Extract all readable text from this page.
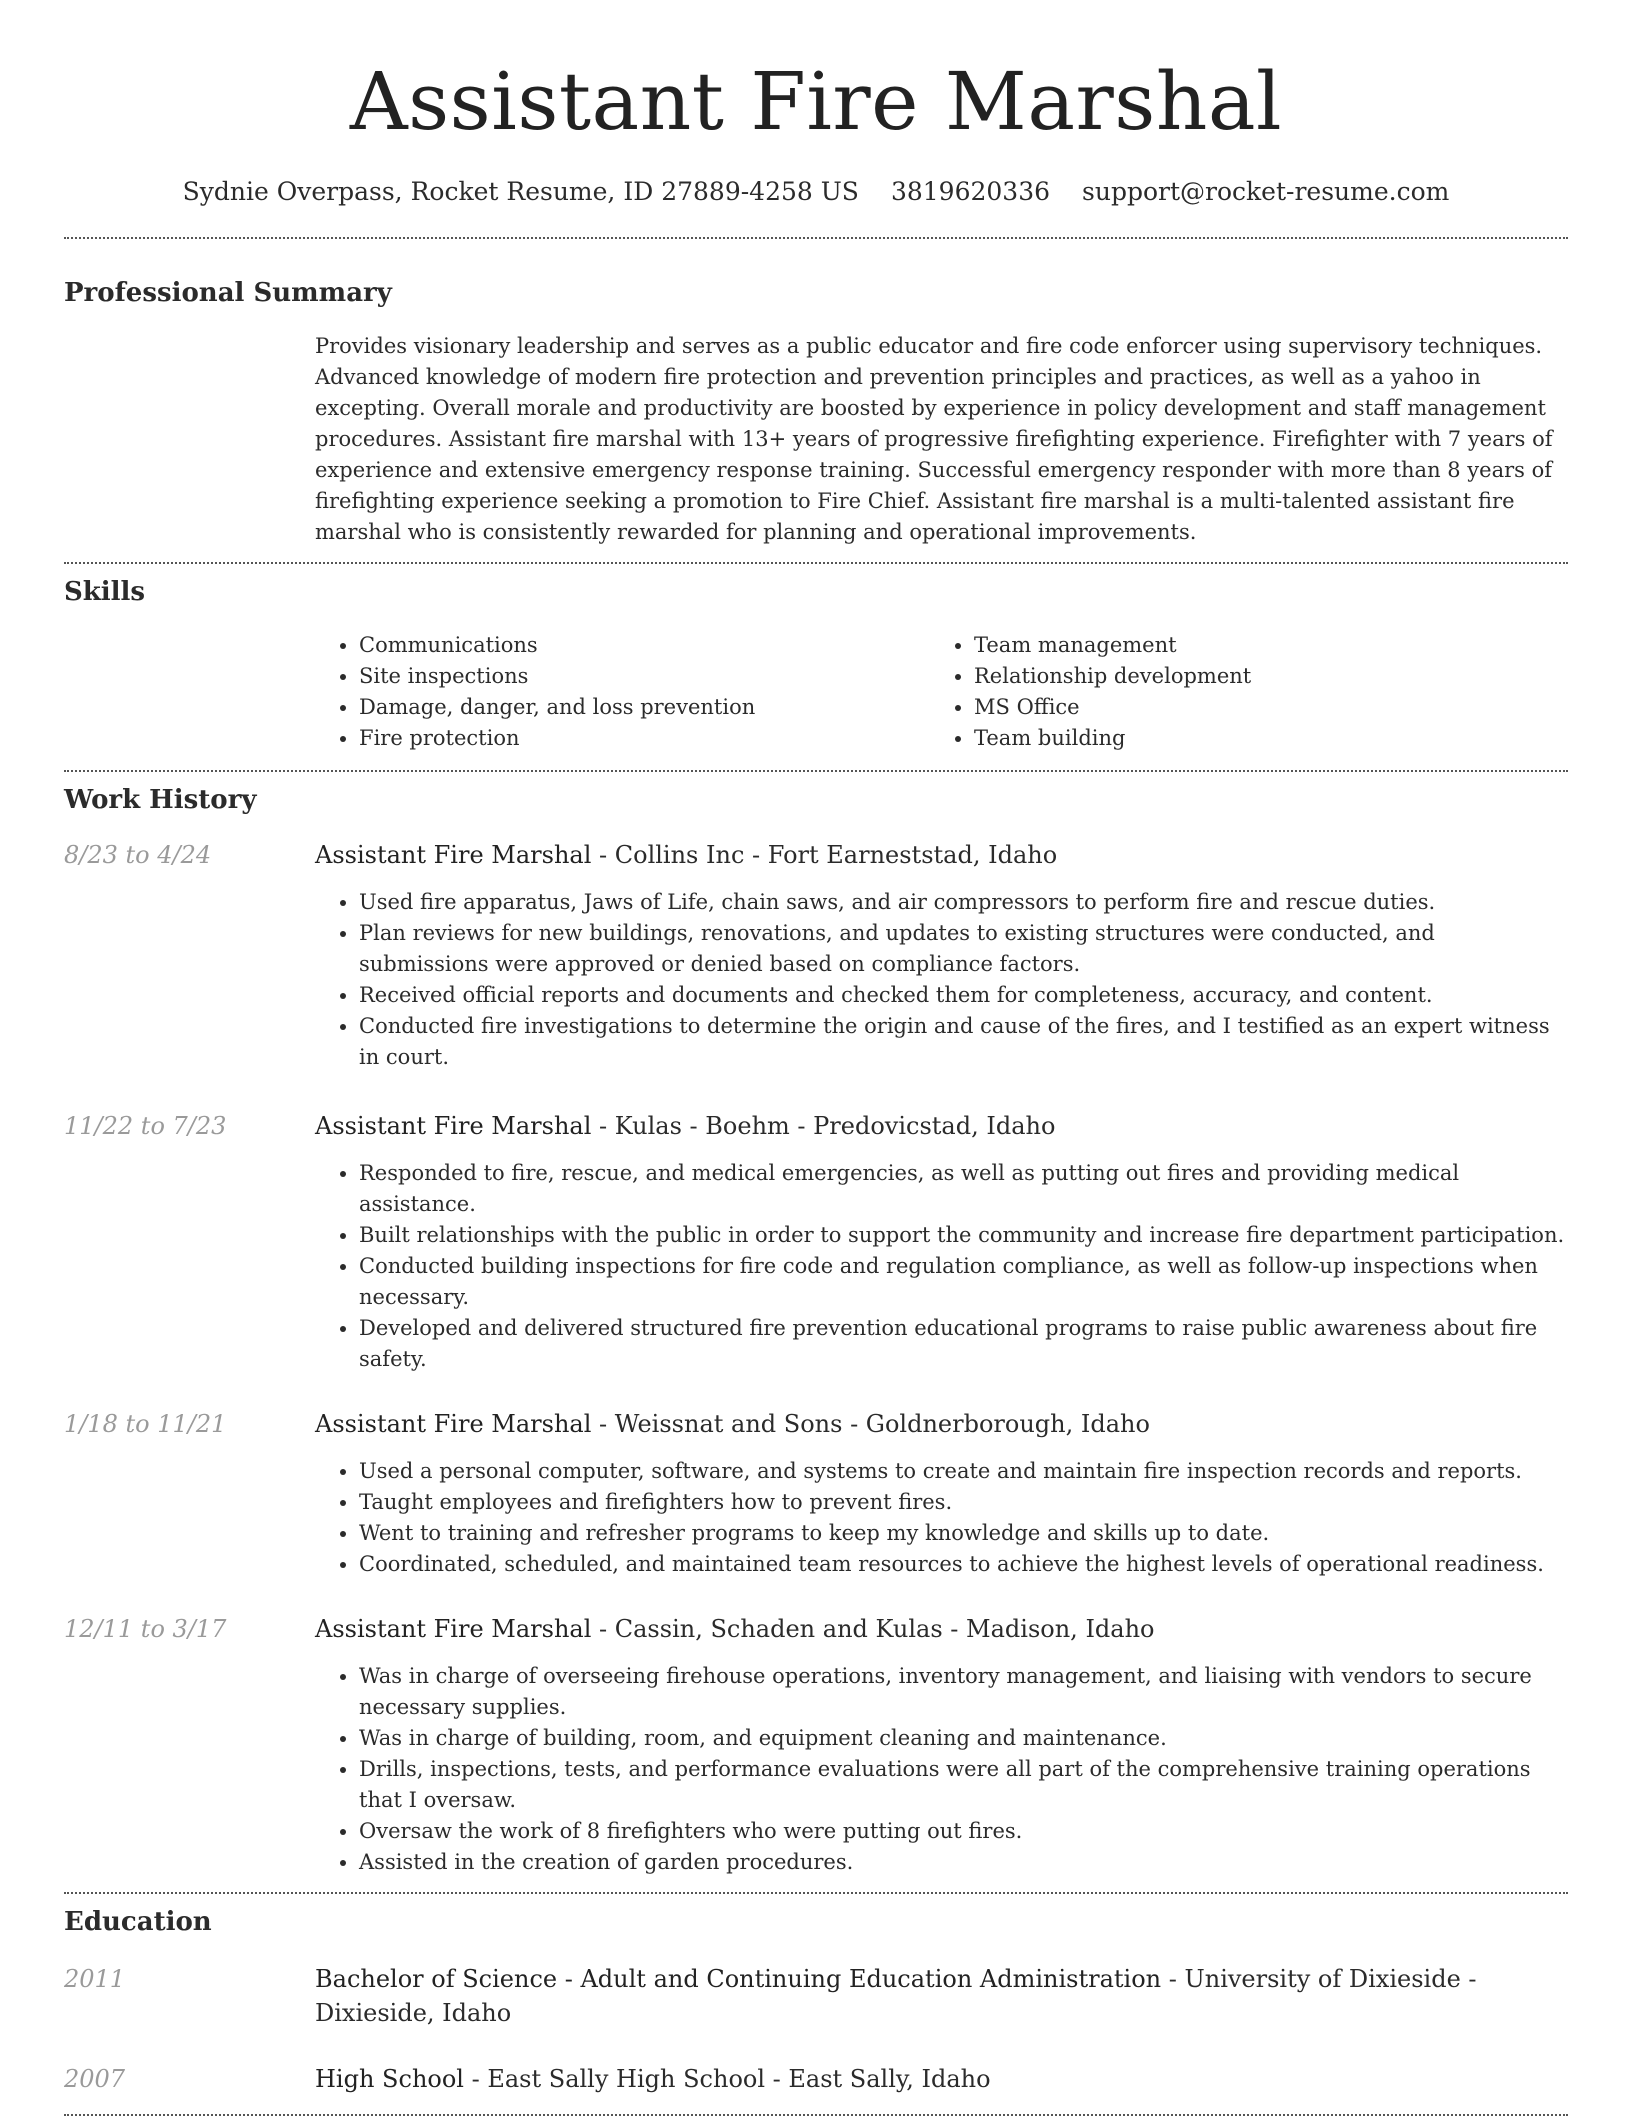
Assistant Fire Marshal
Sydnie Overpass, Rocket Resume, ID 27889-4258 US 3819620336 support@rocket-resume.com
Professional Summary

Provides visionary leadership and serves as a public educator and fire code enforcer using supervisory techniques. Advanced knowledge of modern fire protection and prevention principles and practices, as well as a yahoo in excepting. Overall morale and productivity are boosted by experience in policy development and staff management procedures. Assistant fire marshal with 13+ years of progressive firefighting experience. Firefighter with 7 years of experience and extensive emergency response training. Successful emergency responder with more than 8 years of firefighting experience seeking a promotion to Fire Chief. Assistant fire marshal is a multi-talented assistant fire marshal who is consistently rewarded for planning and operational improvements.

Skills
• Communications
• Site inspections
• Damage, danger, and loss prevention
• Fire protection
• Team management
• Relationship development
• MS Office
• Team building
Work History
8/23 to 4/24	Assistant Fire Marshal - Collins Inc - Fort Earneststad, Idaho
• Used fire apparatus, Jaws of Life, chain saws, and air compressors to perform fire and rescue duties.
• Plan reviews for new buildings, renovations, and updates to existing structures were conducted, and submissions were approved or denied based on compliance factors.
• Received official reports and documents and checked them for completeness, accuracy, and content.
• Conducted fire investigations to determine the origin and cause of the fires, and I testified as an expert witness in court.
11/22 to 7/23	Assistant Fire Marshal - Kulas - Boehm - Predovicstad, Idaho
• Responded to fire, rescue, and medical emergencies, as well as putting out fires and providing medical assistance.
• Built relationships with the public in order to support the community and increase fire department participation.
• Conducted building inspections for fire code and regulation compliance, as well as follow-up inspections when necessary.
• Developed and delivered structured fire prevention educational programs to raise public awareness about fire safety.
1/18 to 11/21	Assistant Fire Marshal - Weissnat and Sons - Goldnerborough, Idaho
• Used a personal computer, software, and systems to create and maintain fire inspection records and reports.
• Taught employees and firefighters how to prevent fires.
• Went to training and refresher programs to keep my knowledge and skills up to date.
• Coordinated, scheduled, and maintained team resources to achieve the highest levels of operational readiness.
12/11 to 3/17	Assistant Fire Marshal - Cassin, Schaden and Kulas - Madison, Idaho
• Was in charge of overseeing firehouse operations, inventory management, and liaising with vendors to secure necessary supplies.
• Was in charge of building, room, and equipment cleaning and maintenance.
• Drills, inspections, tests, and performance evaluations were all part of the comprehensive training operations that I oversaw.
• Oversaw the work of 8 firefighters who were putting out fires.
• Assisted in the creation of garden procedures.
Education
2011	Bachelor of Science - Adult and Continuing Education Administration - University of Dixieside - Dixieside, Idaho
2007	High School - East Sally High School - East Sally, Idaho
